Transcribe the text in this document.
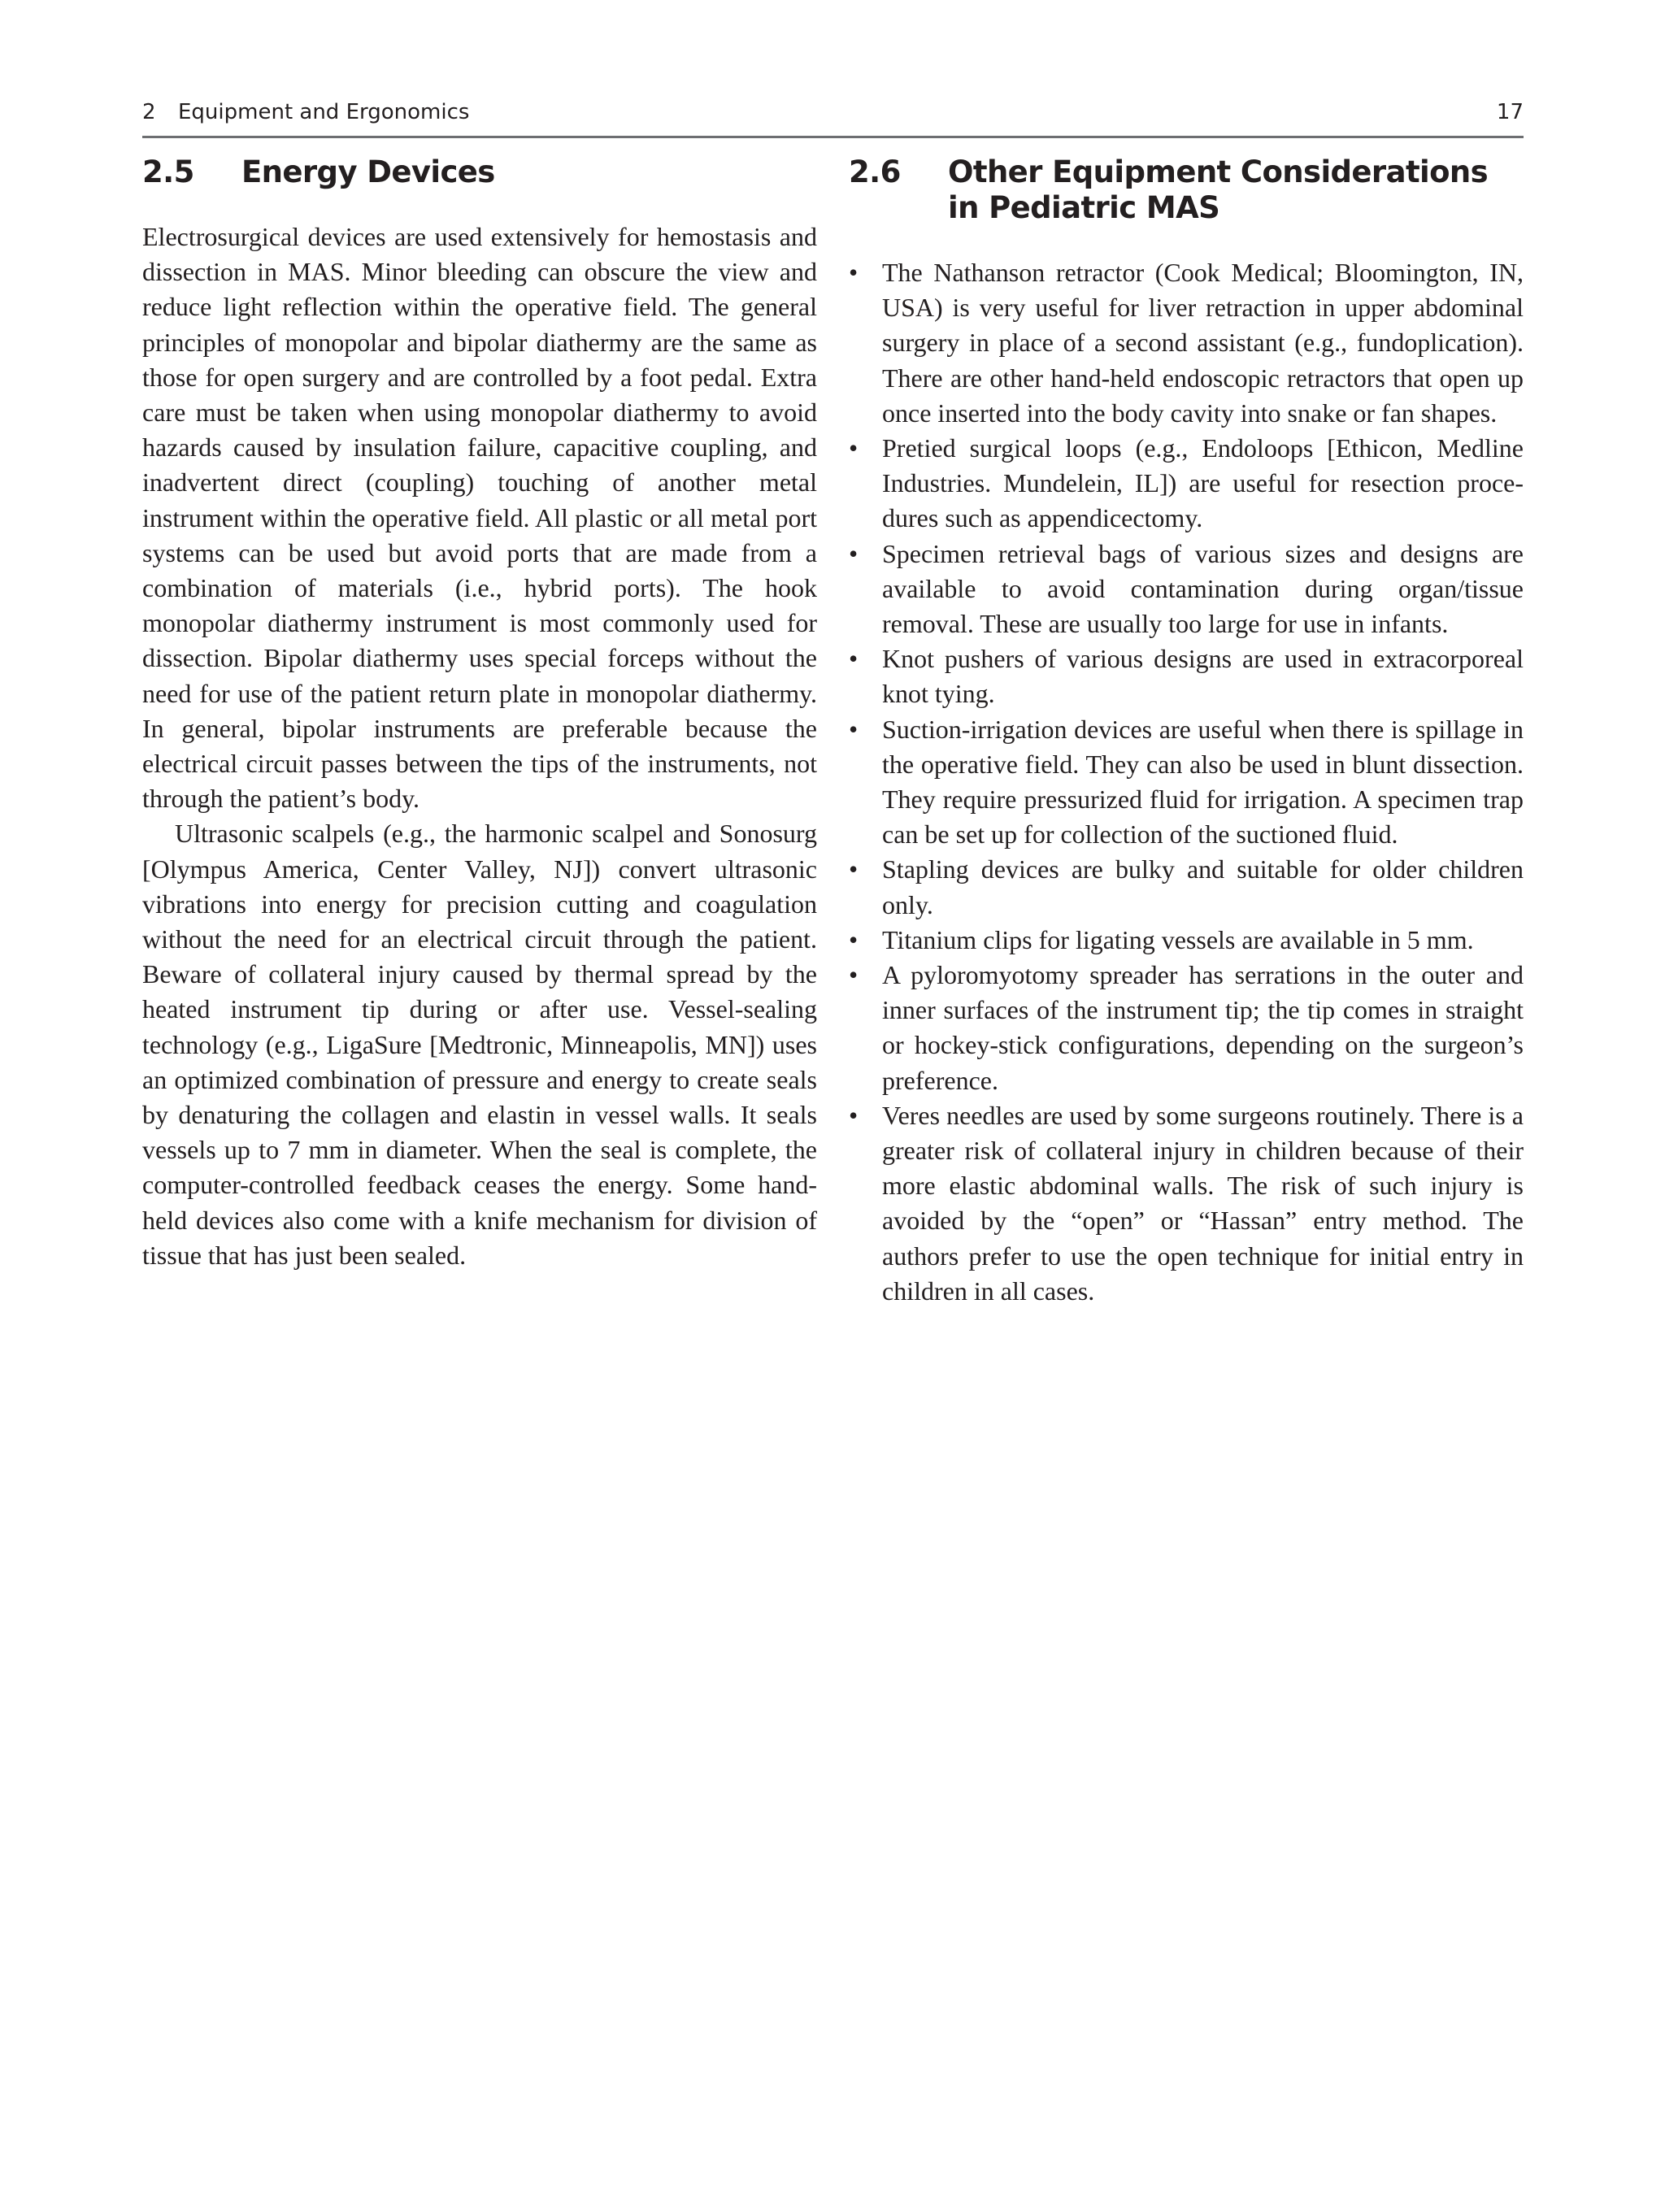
2 Equipment and Ergonomics	17
2.5 Energy Devices

Electrosurgical devices are used extensively for hemostasis and dissection in MAS. Minor bleeding can obscure the view and reduce light reflection within the operative field. The general principles of monopolar and bipolar diathermy are the same as those for open surgery and are controlled by a foot pedal. Extra care must be taken when using monopolar diathermy to avoid hazards caused by insulation failure, capacitive coupling, and inadvertent direct (coupling) touching of another metal instrument within the operative field. All plastic or all metal port systems can be used but avoid ports that are made from a combination of materials (i.e., hybrid ports). The hook monopolar diathermy instrument is most commonly used for dissection. Bipolar diathermy uses special forceps without the need for use of the patient return plate in monopolar diathermy. In general, bipolar instruments are preferable because the electrical circuit passes between the tips of the instruments, not through the patient’s body.

Ultrasonic scalpels (e.g., the harmonic scalpel and Sonosurg [Olympus America, Center Valley, NJ]) convert ultrasonic vibrations into energy for precision cutting and coagulation without the need for an electrical circuit through the patient. Beware of collateral injury caused by thermal spread by the heated instrument tip during or after use. Vessel-sealing technology (e.g., LigaSure [Medtronic, Minneapolis, MN]) uses an optimized combination of pressure and energy to create seals by denaturing the collagen and elastin in vessel walls. It seals vessels up to 7 mm in diameter. When the seal is complete, the computer-controlled feedback ceases the energy. Some hand-held devices also come with a knife mechanism for division of tissue that has just been sealed.

2.6 Other Equipment Considerations
in Pediatric MAS
• The Nathanson retractor (Cook Medical; Bloomington, IN, USA) is very useful for liver retraction in upper abdominal surgery in place of a second assistant (e.g., fundoplication). There are other hand-held endoscopic retractors that open up once inserted into the body cavity into snake or fan shapes.
• Pretied surgical loops (e.g., Endoloops [Ethicon, Medline Industries. Mundelein, IL]) are useful for resection procedures such as appendicectomy.
• Specimen retrieval bags of various sizes and designs are available to avoid contamination during organ/tissue removal. These are usually too large for use in infants.
• Knot pushers of various designs are used in extracorporeal knot tying.
• Suction-irrigation devices are useful when there is spillage in the operative field. They can also be used in blunt dissection. They require pressurized fluid for irrigation. A specimen trap can be set up for collection of the suctioned fluid.
• Stapling devices are bulky and suitable for older children only.
• Titanium clips for ligating vessels are available in 5 mm.
• A pyloromyotomy spreader has serrations in the outer and inner surfaces of the instrument tip; the tip comes in straight or hockey-stick configurations, depending on the surgeon’s preference.
• Veres needles are used by some surgeons routinely. There is a greater risk of collateral injury in children because of their more elastic abdominal walls. The risk of such injury is avoided by the “open” or “Hassan” entry method. The authors prefer to use the open technique for initial entry in children in all cases.
